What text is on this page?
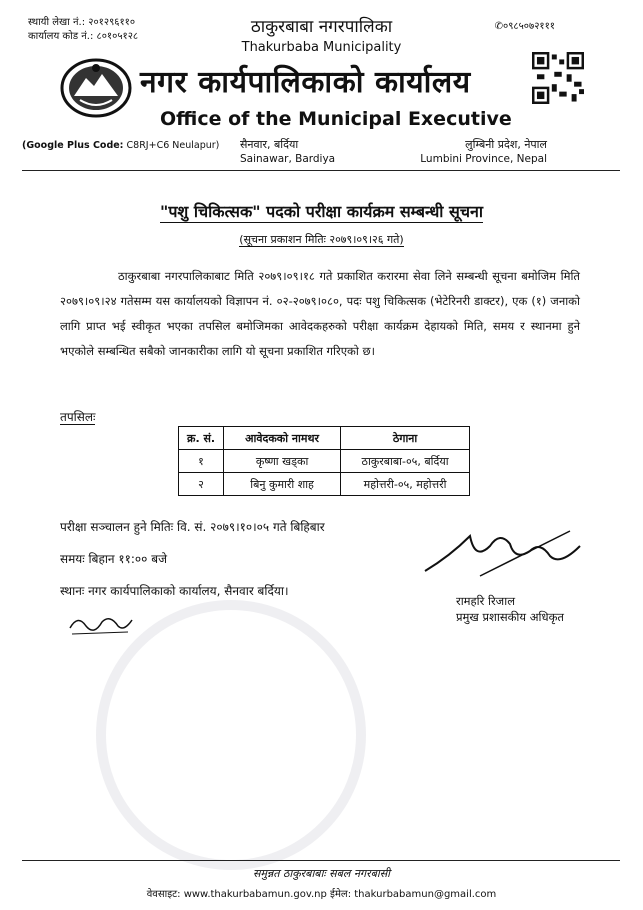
स्थायी लेखा नं.: २०१२९६११०
कार्यालय कोड नं.: ८०१०५१२८
✆०९८५०७२१११
ठाकुरबाबा नगरपालिका
Thakurbaba Municipality
नगर कार्यपालिकाको कार्यालय
Office of the Municipal Executive
(Google Plus Code: C8RJ+C6 Neulapur) सैनवार, बर्दिया
Sainawar, Bardiya
लुम्बिनी प्रदेश, नेपाल
Lumbini Province, Nepal
"पशु चिकित्सक" पदको परीक्षा कार्यक्रम सम्बन्धी सूचना
(सूचना प्रकाशन मितिः २०७९।०९।२६ गते)
ठाकुरबाबा नगरपालिकाबाट मिति २०७९।०९।१८ गते प्रकाशित करारमा सेवा लिने सम्बन्धी सूचना बमोजिम मिति २०७९।०९।२४ गतेसम्म यस कार्यालयको विज्ञापन नं. ०२-२०७९।०८०, पदः पशु चिकित्सक (भेटेरिनरी डाक्टर), एक (१) जनाको लागि प्राप्त भई स्वीकृत भएका तपसिल बमोजिमका आवेदकहरुको परीक्षा कार्यक्रम देहायको मिति, समय र स्थानमा हुने भएकोले सम्बन्धित सबैको जानकारीका लागि यो सूचना प्रकाशित गरिएको छ।
तपसिलः
क्र. सं.	आवेदकको नामथर	ठेगाना
१	कृष्णा खड्का	ठाकुरबाबा-०५, बर्दिया
२	बिनु कुमारी शाह	महोत्तरी-०५, महोत्तरी
परीक्षा सञ्चालन हुने मितिः वि. सं. २०७९।१०।०५ गते बिहिबार
समयः बिहान ११:०० बजे
स्थानः नगर कार्यपालिकाको कार्यालय, सैनवार बर्दिया।
रामहरि रिजाल
प्रमुख प्रशासकीय अधिकृत
समुन्नत ठाकुरबाबाः सबल नगरबासी
वेवसाइट: www.thakurbabamun.gov.np ईमेल: thakurbabamun@gmail.com
